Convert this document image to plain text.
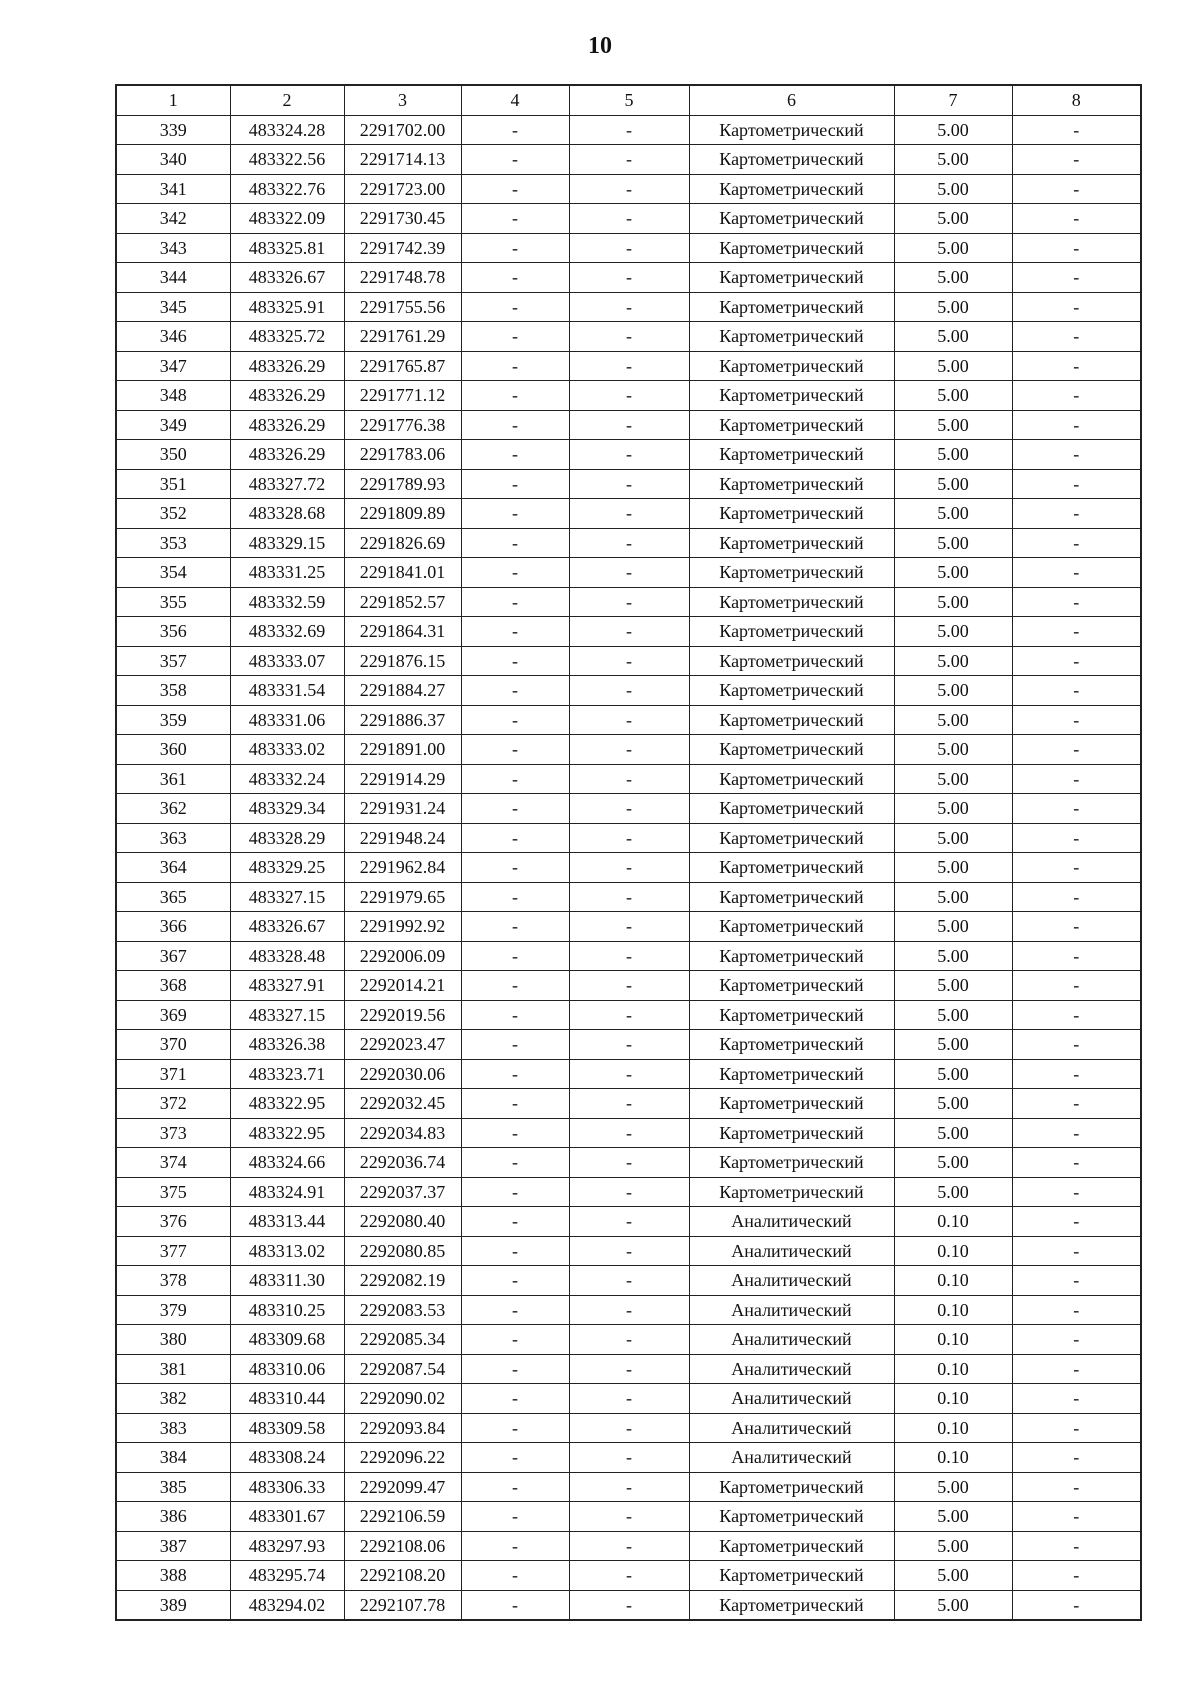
10
1	2	3	4	5	6	7	8
339	483324.28	2291702.00	-	-	Картометрический	5.00	-
340	483322.56	2291714.13	-	-	Картометрический	5.00	-
341	483322.76	2291723.00	-	-	Картометрический	5.00	-
342	483322.09	2291730.45	-	-	Картометрический	5.00	-
343	483325.81	2291742.39	-	-	Картометрический	5.00	-
344	483326.67	2291748.78	-	-	Картометрический	5.00	-
345	483325.91	2291755.56	-	-	Картометрический	5.00	-
346	483325.72	2291761.29	-	-	Картометрический	5.00	-
347	483326.29	2291765.87	-	-	Картометрический	5.00	-
348	483326.29	2291771.12	-	-	Картометрический	5.00	-
349	483326.29	2291776.38	-	-	Картометрический	5.00	-
350	483326.29	2291783.06	-	-	Картометрический	5.00	-
351	483327.72	2291789.93	-	-	Картометрический	5.00	-
352	483328.68	2291809.89	-	-	Картометрический	5.00	-
353	483329.15	2291826.69	-	-	Картометрический	5.00	-
354	483331.25	2291841.01	-	-	Картометрический	5.00	-
355	483332.59	2291852.57	-	-	Картометрический	5.00	-
356	483332.69	2291864.31	-	-	Картометрический	5.00	-
357	483333.07	2291876.15	-	-	Картометрический	5.00	-
358	483331.54	2291884.27	-	-	Картометрический	5.00	-
359	483331.06	2291886.37	-	-	Картометрический	5.00	-
360	483333.02	2291891.00	-	-	Картометрический	5.00	-
361	483332.24	2291914.29	-	-	Картометрический	5.00	-
362	483329.34	2291931.24	-	-	Картометрический	5.00	-
363	483328.29	2291948.24	-	-	Картометрический	5.00	-
364	483329.25	2291962.84	-	-	Картометрический	5.00	-
365	483327.15	2291979.65	-	-	Картометрический	5.00	-
366	483326.67	2291992.92	-	-	Картометрический	5.00	-
367	483328.48	2292006.09	-	-	Картометрический	5.00	-
368	483327.91	2292014.21	-	-	Картометрический	5.00	-
369	483327.15	2292019.56	-	-	Картометрический	5.00	-
370	483326.38	2292023.47	-	-	Картометрический	5.00	-
371	483323.71	2292030.06	-	-	Картометрический	5.00	-
372	483322.95	2292032.45	-	-	Картометрический	5.00	-
373	483322.95	2292034.83	-	-	Картометрический	5.00	-
374	483324.66	2292036.74	-	-	Картометрический	5.00	-
375	483324.91	2292037.37	-	-	Картометрический	5.00	-
376	483313.44	2292080.40	-	-	Аналитический	0.10	-
377	483313.02	2292080.85	-	-	Аналитический	0.10	-
378	483311.30	2292082.19	-	-	Аналитический	0.10	-
379	483310.25	2292083.53	-	-	Аналитический	0.10	-
380	483309.68	2292085.34	-	-	Аналитический	0.10	-
381	483310.06	2292087.54	-	-	Аналитический	0.10	-
382	483310.44	2292090.02	-	-	Аналитический	0.10	-
383	483309.58	2292093.84	-	-	Аналитический	0.10	-
384	483308.24	2292096.22	-	-	Аналитический	0.10	-
385	483306.33	2292099.47	-	-	Картометрический	5.00	-
386	483301.67	2292106.59	-	-	Картометрический	5.00	-
387	483297.93	2292108.06	-	-	Картометрический	5.00	-
388	483295.74	2292108.20	-	-	Картометрический	5.00	-
389	483294.02	2292107.78	-	-	Картометрический	5.00	-
